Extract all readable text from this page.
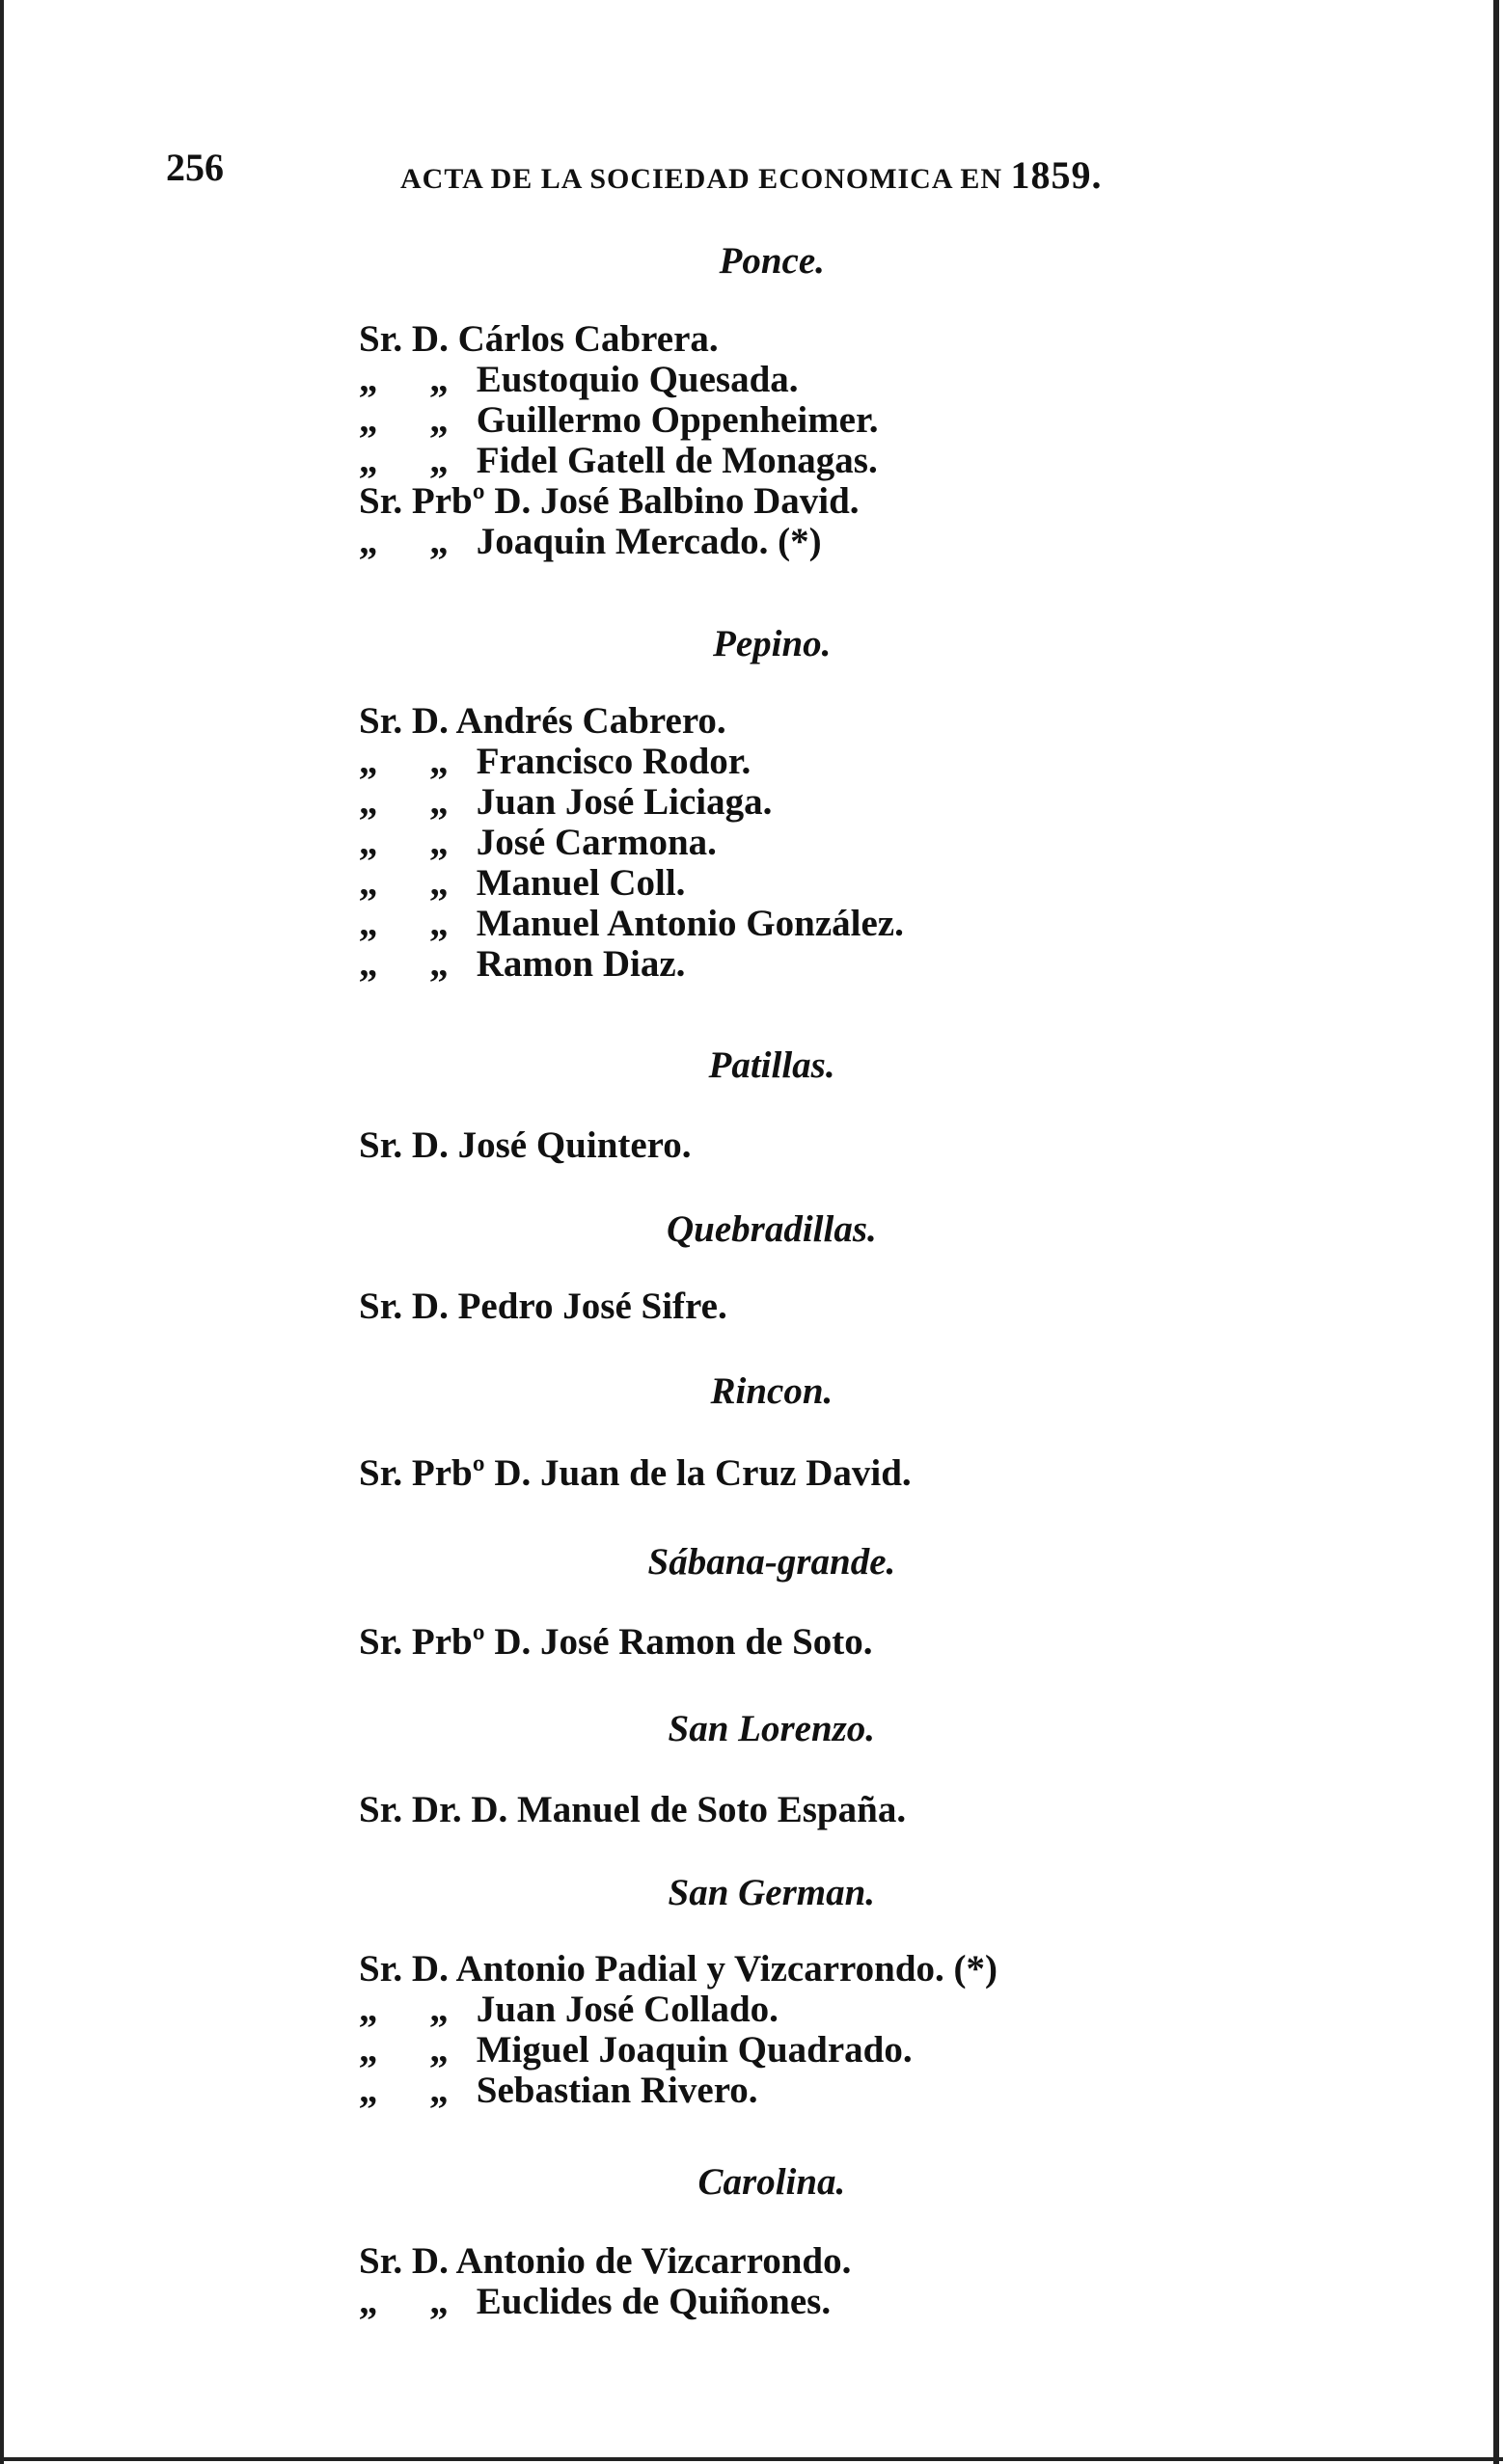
256	ACTA DE LA SOCIEDAD ECONOMICA EN 1859.
Ponce.
Sr. D. Cárlos Cabrera.
„ „ Eustoquio Quesada.
„ „ Guillermo Oppenheimer.
„ „ Fidel Gatell de Monagas.
Sr. Prbº D. José Balbino David.
„ „ Joaquin Mercado. (*)
Pepino.
Sr. D. Andrés Cabrero.
„ „ Francisco Rodor.
„ „ Juan José Liciaga.
„ „ José Carmona.
„ „ Manuel Coll.
„ „ Manuel Antonio González.
„ „ Ramon Diaz.
Patillas.
Sr. D. José Quintero.
Quebradillas.
Sr. D. Pedro José Sifre.
Rincon.
Sr. Prbº D. Juan de la Cruz David.
Sábana-grande.
Sr. Prbº D. José Ramon de Soto.
San Lorenzo.
Sr. Dr. D. Manuel de Soto España.
San German.
Sr. D. Antonio Padial y Vizcarrondo. (*)
„ „ Juan José Collado.
„ „ Miguel Joaquin Quadrado.
„ „ Sebastian Rivero.
Carolina.
Sr. D. Antonio de Vizcarrondo.
„ „ Euclides de Quiñones.
